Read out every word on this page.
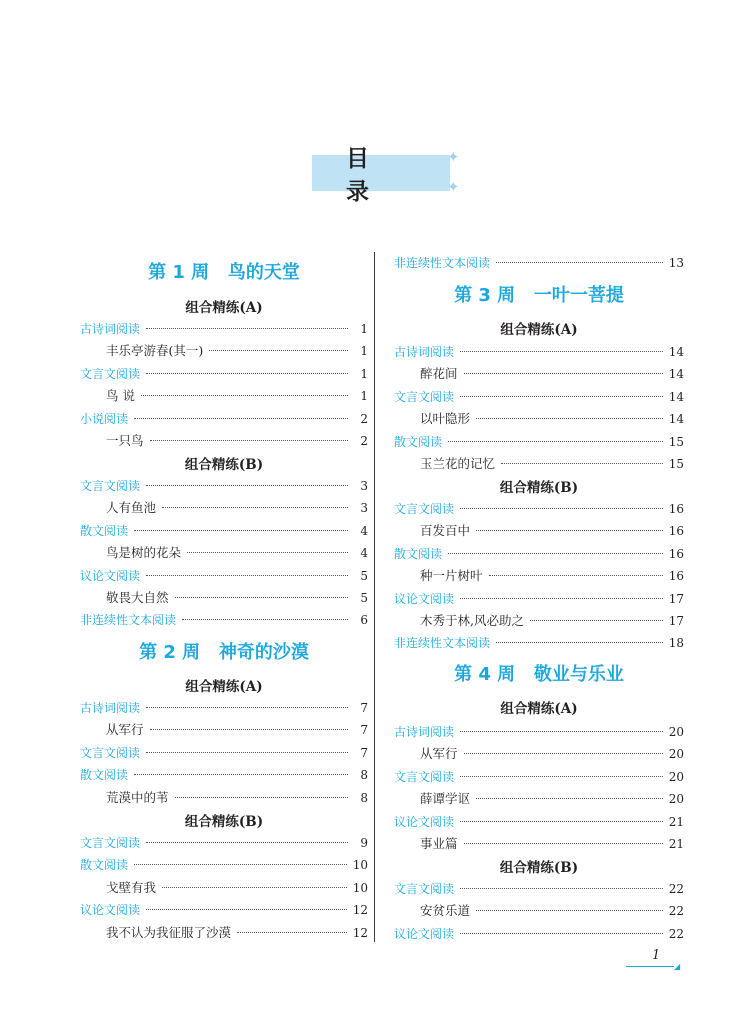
目录
✦
✦
第 1 周   鸟的天堂
组合精练(A)
古诗词阅读	1
丰乐亭游春(其一)	1
文言文阅读	1
鸟 说	1
小说阅读	2
一只鸟	2
组合精练(B)
文言文阅读	3
人有鱼池	3
散文阅读	4
鸟是树的花朵	4
议论文阅读	5
敬畏大自然	5
非连续性文本阅读	6
第 2 周   神奇的沙漠
组合精练(A)
古诗词阅读	7
从军行	7
文言文阅读	7
散文阅读	8
荒漠中的苇	8
组合精练(B)
文言文阅读	9
散文阅读	10
戈壁有我	10
议论文阅读	12
我不认为我征服了沙漠	12
非连续性文本阅读	13
第 3 周   一叶一菩提
组合精练(A)
古诗词阅读	14
醉花间	14
文言文阅读	14
以叶隐形	14
散文阅读	15
玉兰花的记忆	15
组合精练(B)
文言文阅读	16
百发百中	16
散文阅读	16
种一片树叶	16
议论文阅读	17
木秀于林,风必助之	17
非连续性文本阅读	18
第 4 周   敬业与乐业
组合精练(A)
古诗词阅读	20
从军行	20
文言文阅读	20
薛谭学讴	20
议论文阅读	21
事业篇	21
组合精练(B)
文言文阅读	22
安贫乐道	22
议论文阅读	22
1
◢
